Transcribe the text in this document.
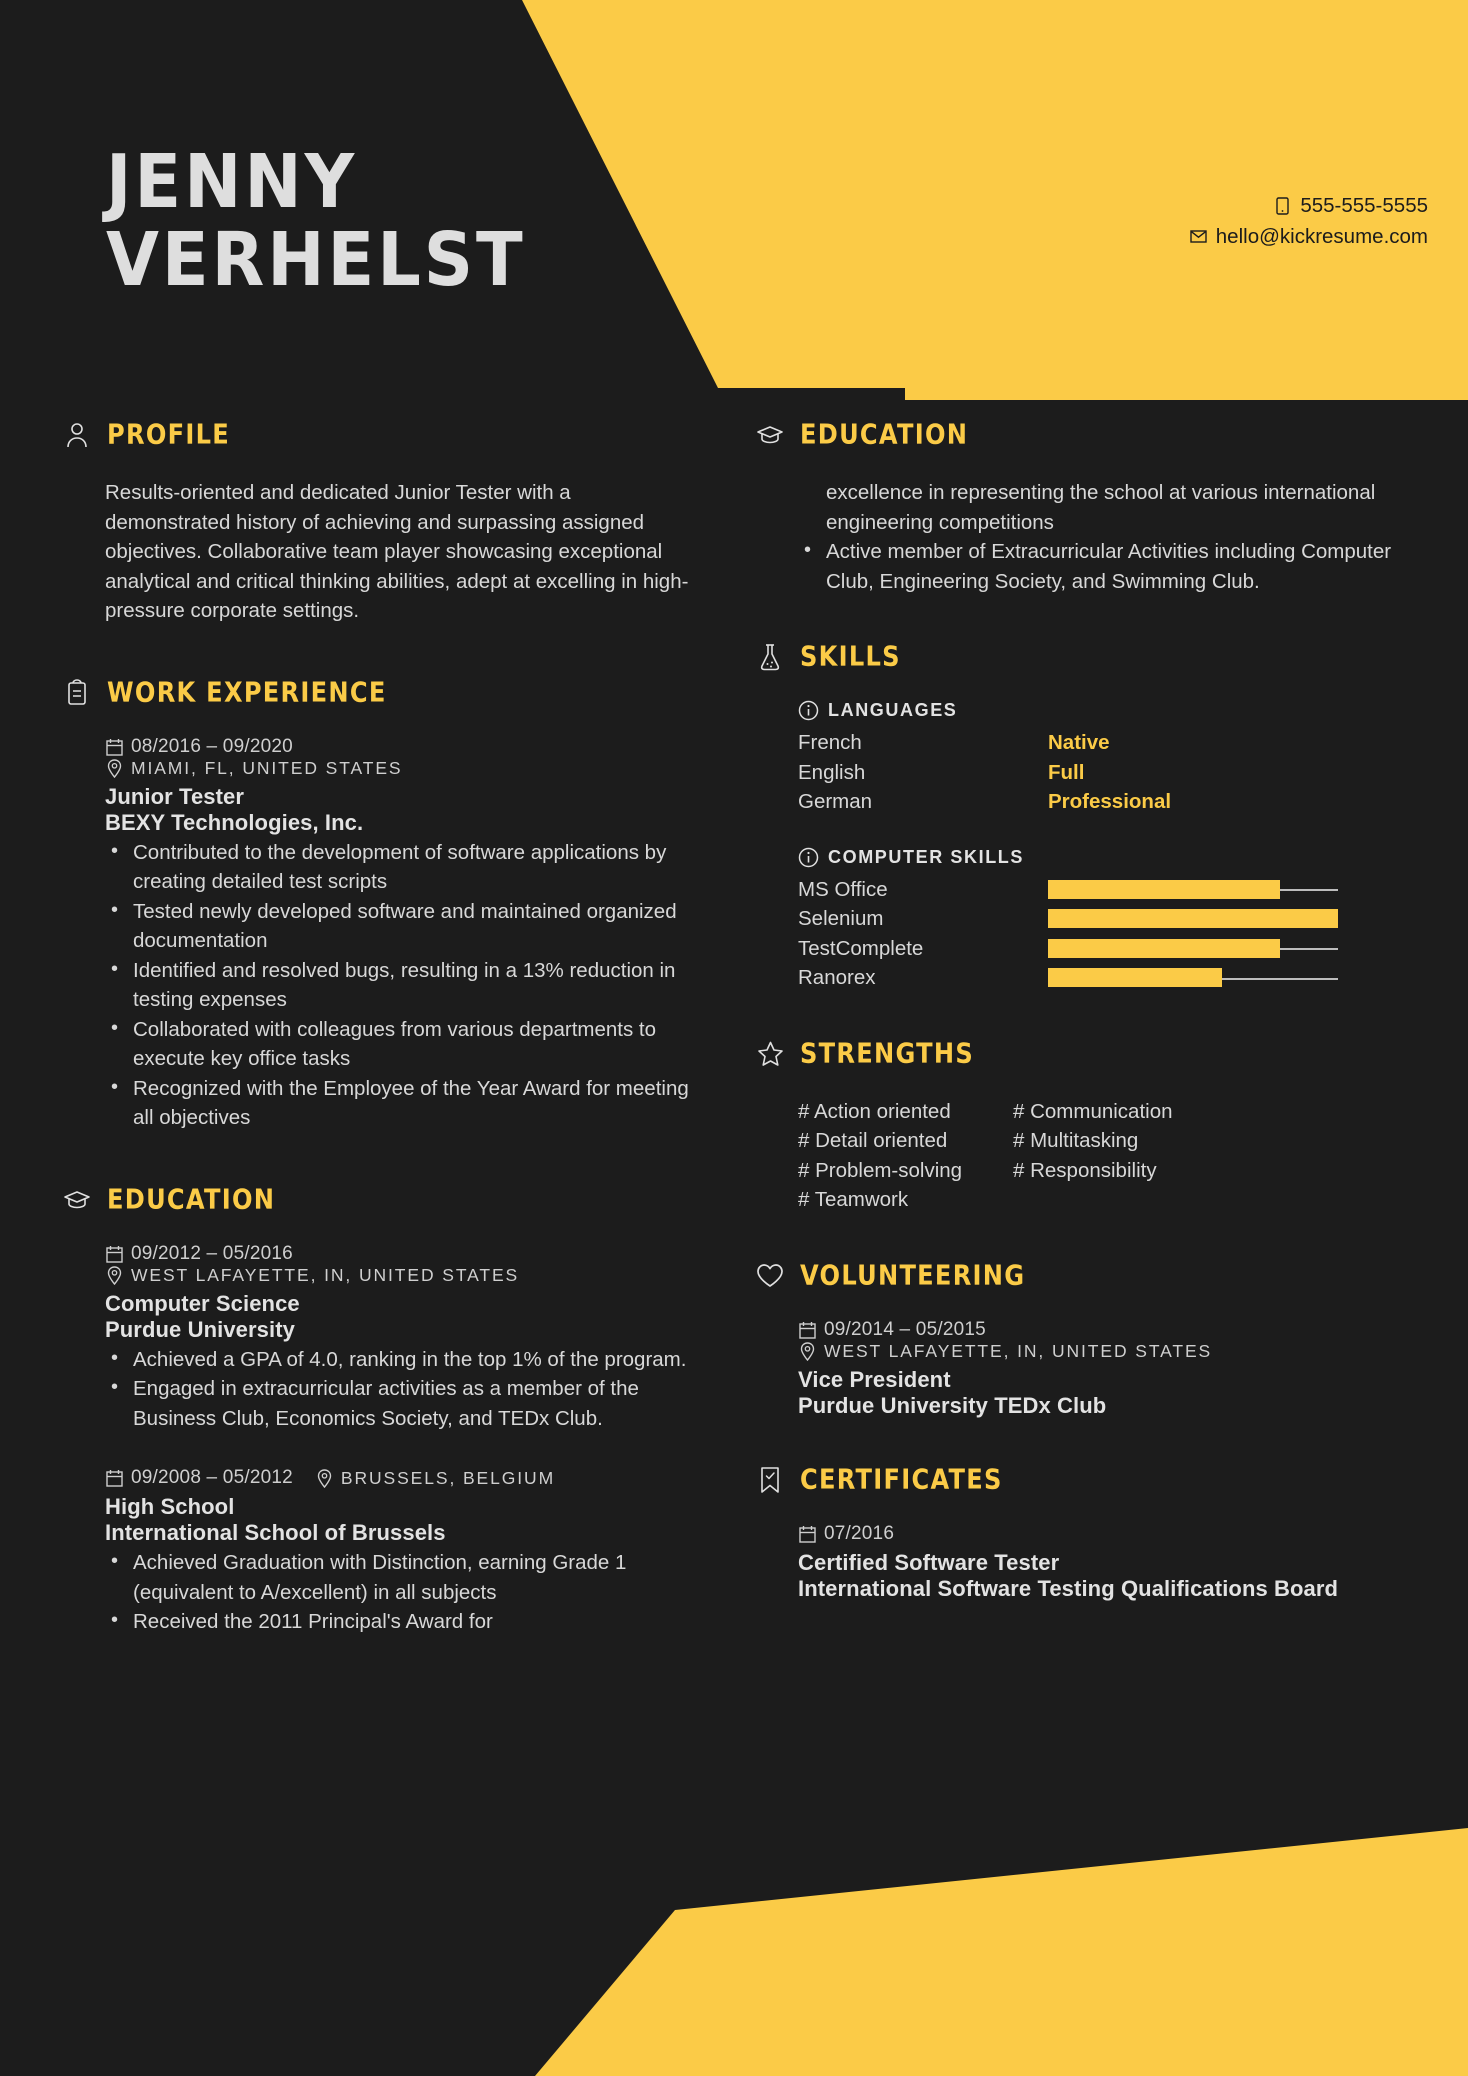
JENNY
VERHELST
555-555-5555
hello@kickresume.com
PROFILE

Results-oriented and dedicated Junior Tester with a demonstrated history of achieving and surpassing assigned objectives. Collaborative team player showcasing exceptional analytical and critical thinking abilities, adept at excelling in high-pressure corporate settings.

WORK EXPERIENCE
08/2016 – 09/2020
MIAMI, FL, UNITED STATES
Junior Tester
BEXY Technologies, Inc.
• Contributed to the development of software applications by creating detailed test scripts
• Tested newly developed software and maintained organized documentation
• Identified and resolved bugs, resulting in a 13% reduction in testing expenses
• Collaborated with colleagues from various departments to execute key office tasks
• Recognized with the Employee of the Year Award for meeting all objectives
EDUCATION
09/2012 – 05/2016
WEST LAFAYETTE, IN, UNITED STATES
Computer Science
Purdue University
• Achieved a GPA of 4.0, ranking in the top 1% of the program.
• Engaged in extracurricular activities as a member of the Business Club, Economics Society, and TEDx Club.
09/2008 – 05/2012	BRUSSELS, BELGIUM
High School
International School of Brussels
• Achieved Graduation with Distinction, earning Grade 1 (equivalent to A/excellent) in all subjects
• Received the 2011 Principal's Award for
EDUCATION
excellence in representing the school at various international engineering competitions
• Active member of Extracurricular Activities including Computer Club, Engineering Society, and Swimming Club.
SKILLS
LANGUAGES
French	Native
English	Full
German	Professional
COMPUTER SKILLS
MS Office
Selenium
TestComplete
Ranorex
STRENGTHS
# Action oriented	# Communication
# Detail oriented	# Multitasking
# Problem-solving	# Responsibility
# Teamwork
VOLUNTEERING
09/2014 – 05/2015
WEST LAFAYETTE, IN, UNITED STATES
Vice President
Purdue University TEDx Club
CERTIFICATES
07/2016
Certified Software Tester
International Software Testing Qualifications Board
